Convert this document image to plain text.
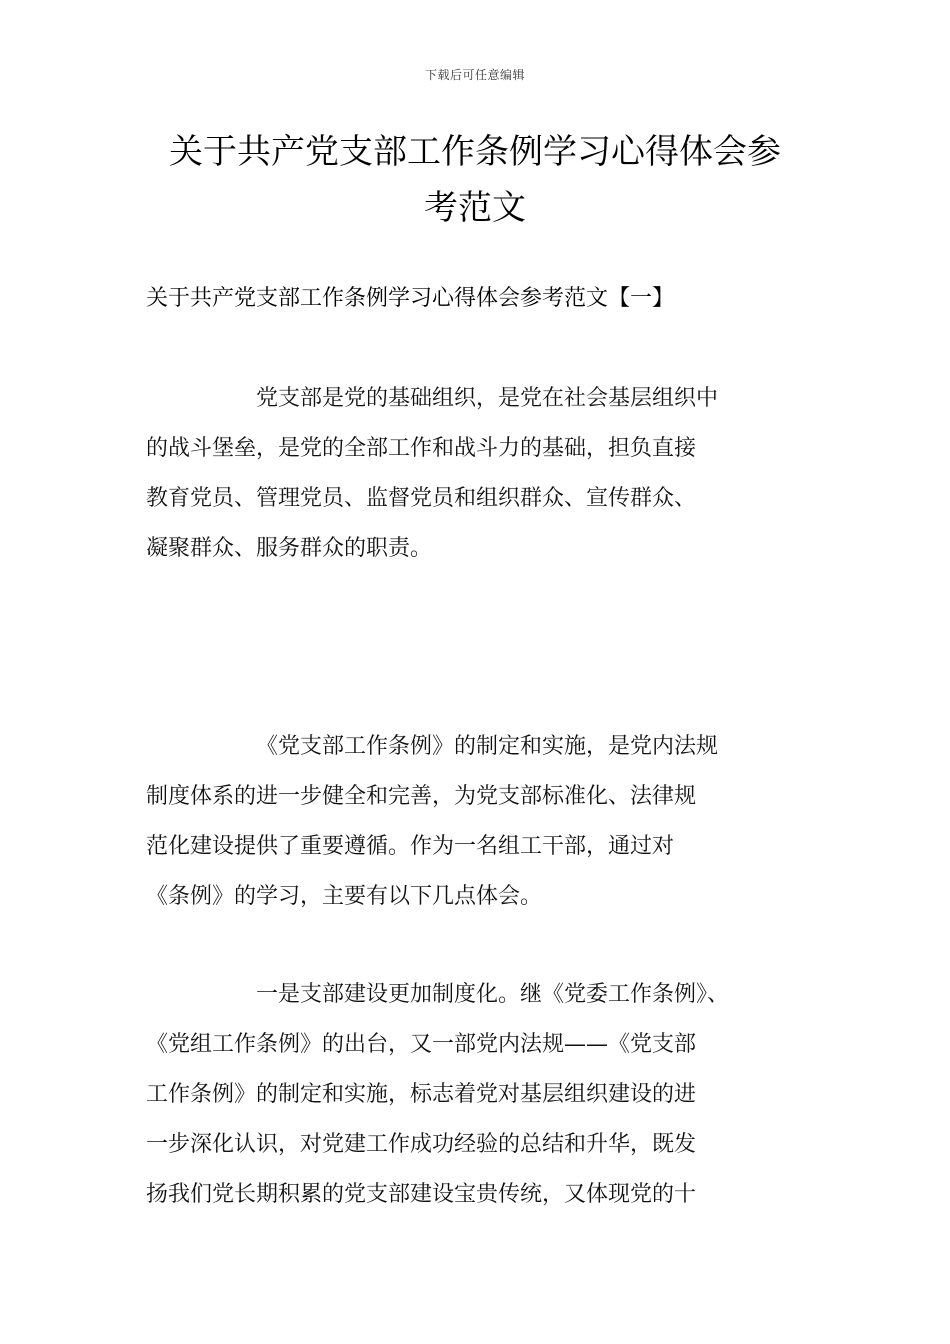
下载后可任意编辑
关于共产党支部工作条例学习心得体会参
考范文
关于共产党支部工作条例学习心得体会参考范文【一】
党支部是党的基础组织，是党在社会基层组织中
的战斗堡垒，是党的全部工作和战斗力的基础，担负直接
教育党员、管理党员、监督党员和组织群众、宣传群众、
凝聚群众、服务群众的职责。
《党支部工作条例》的制定和实施，是党内法规
制度体系的进一步健全和完善，为党支部标准化、法律规
范化建设提供了重要遵循。作为一名组工干部，通过对
《条例》的学习，主要有以下几点体会。
一是支部建设更加制度化。继《党委工作条例》、
《党组工作条例》的出台，又一部党内法规——《党支部
工作条例》的制定和实施，标志着党对基层组织建设的进
一步深化认识，对党建工作成功经验的总结和升华，既发
扬我们党长期积累的党支部建设宝贵传统，又体现党的十
